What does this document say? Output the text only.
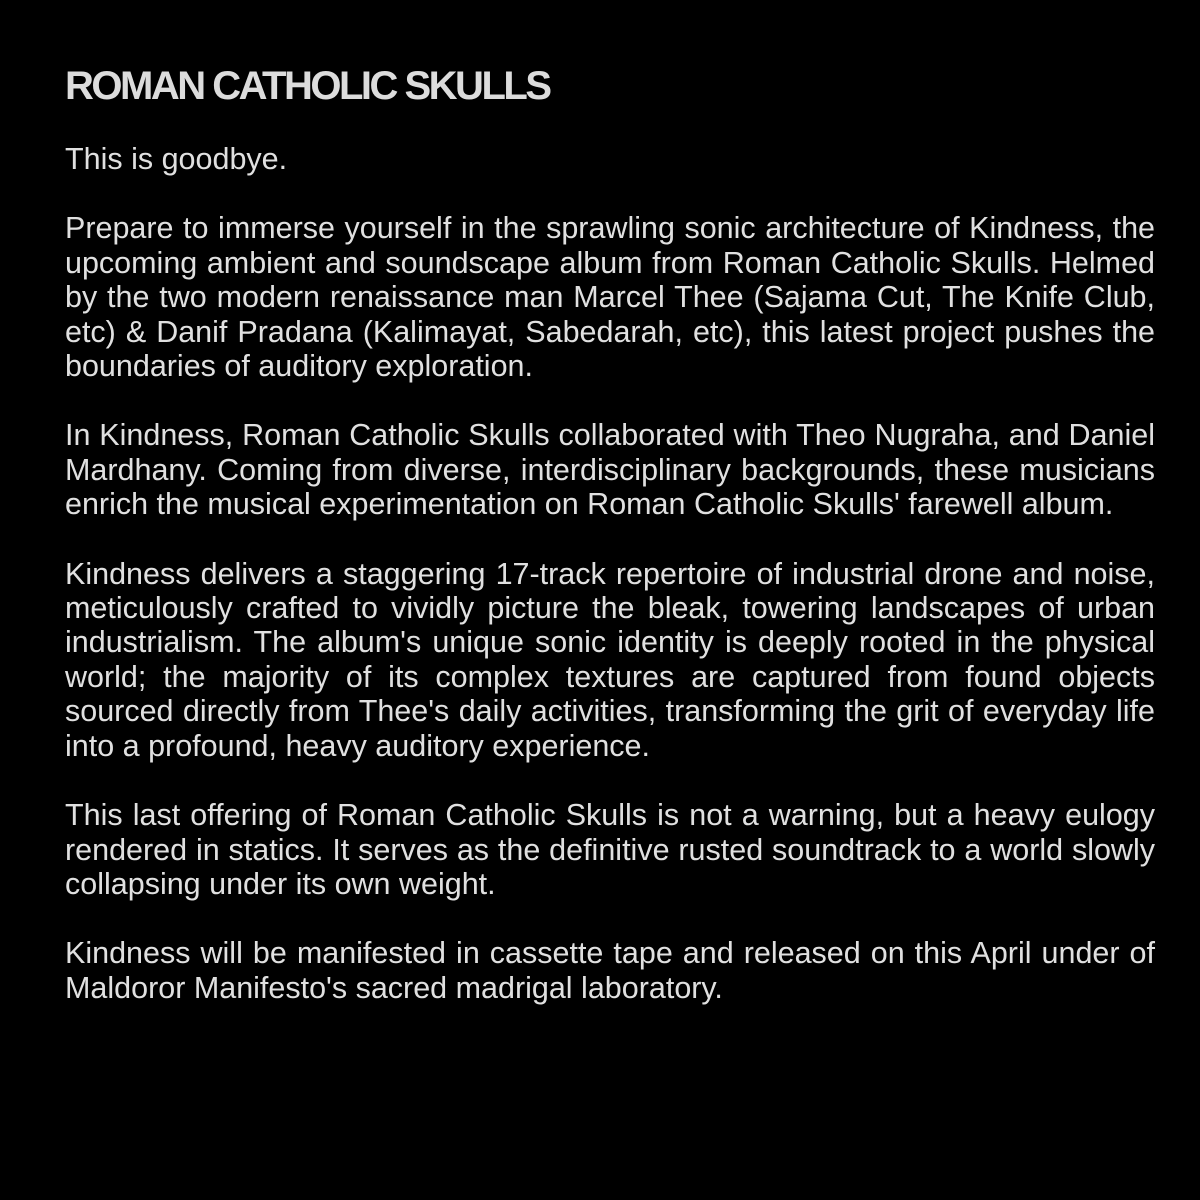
ROMAN CATHOLIC SKULLS

This is goodbye.

Prepare to immerse yourself in the sprawling sonic architecture of Kindness, the upcoming ambient and soundscape album from Roman Catholic Skulls. Helmed by the two modern renaissance man Marcel Thee (Sajama Cut, The Knife Club, etc) & Danif Pradana (Kalimayat, Sabedarah, etc), this latest project pushes the boundaries of auditory exploration.

In Kindness, Roman Catholic Skulls collaborated with Theo Nugraha, and Daniel Mardhany. Coming from diverse, interdisciplinary backgrounds, these musicians enrich the musical experimentation on Roman Catholic Skulls' farewell album.

Kindness delivers a staggering 17-track repertoire of industrial drone and noise, meticulously crafted to vividly picture the bleak, towering landscapes of urban industrialism. The album's unique sonic identity is deeply rooted in the physical world; the majority of its complex textures are captured from found objects sourced directly from Thee's daily activities, transforming the grit of everyday life into a profound, heavy auditory experience.

This last offering of Roman Catholic Skulls is not a warning, but a heavy eulogy rendered in statics. It serves as the definitive rusted soundtrack to a world slowly collapsing under its own weight.

Kindness will be manifested in cassette tape and released on this April under of Maldoror Manifesto's sacred madrigal laboratory.
